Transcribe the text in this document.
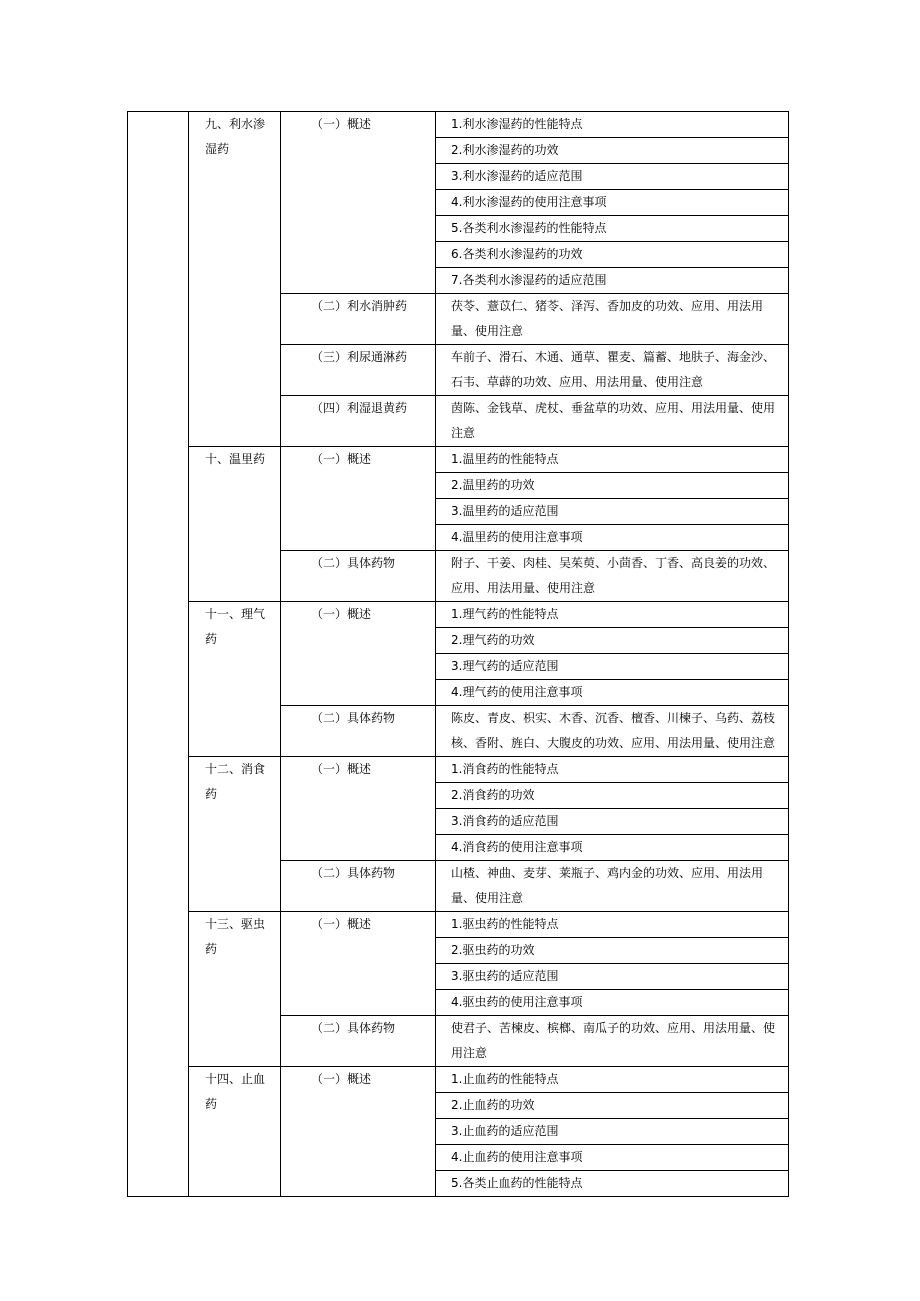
	九、利水渗湿药	（一）概述	1.利水渗湿药的性能特点
			2.利水渗湿药的功效
			3.利水渗湿药的适应范围
			4.利水渗湿药的使用注意事项
			5.各类利水渗湿药的性能特点
			6.各类利水渗湿药的功效
			7.各类利水渗湿药的适应范围
		（二）利水消肿药	茯苓、薏苡仁、猪苓、泽泻、香加皮的功效、应用、用法用量、使用注意
		（三）利尿通淋药	车前子、滑石、木通、通草、瞿麦、篇蓄、地肤子、海金沙、石韦、草薜的功效、应用、用法用量、使用注意
		（四）利湿退黄药	茵陈、金钱草、虎杖、垂盆草的功效、应用、用法用量、使用注意
	十、温里药	（一）概述	1.温里药的性能特点
			2.温里药的功效
			3.温里药的适应范围
			4.温里药的使用注意事项
		（二）具体药物	附子、干姜、肉桂、吴茱萸、小茴香、丁香、高良姜的功效、应用、用法用量、使用注意
	十一、理气药	（一）概述	1.理气药的性能特点
			2.理气药的功效
			3.理气药的适应范围
			4.理气药的使用注意事项
		（二）具体药物	陈皮、青皮、枳实、木香、沉香、檀香、川楝子、乌药、荔枝核、香附、旌白、大腹皮的功效、应用、用法用量、使用注意
	十二、消食药	（一）概述	1.消食药的性能特点
			2.消食药的功效
			3.消食药的适应范围
			4.消食药的使用注意事项
		（二）具体药物	山楂、神曲、麦芽、莱瓶子、鸡内金的功效、应用、用法用量、使用注意
	十三、驱虫药	（一）概述	1.驱虫药的性能特点
			2.驱虫药的功效
			3.驱虫药的适应范围
			4.驱虫药的使用注意事项
		（二）具体药物	使君子、苦楝皮、槟榔、南瓜子的功效、应用、用法用量、使用注意
	十四、止血药	（一）概述	1.止血药的性能特点
			2.止血药的功效
			3.止血药的适应范围
			4.止血药的使用注意事项
			5.各类止血药的性能特点
